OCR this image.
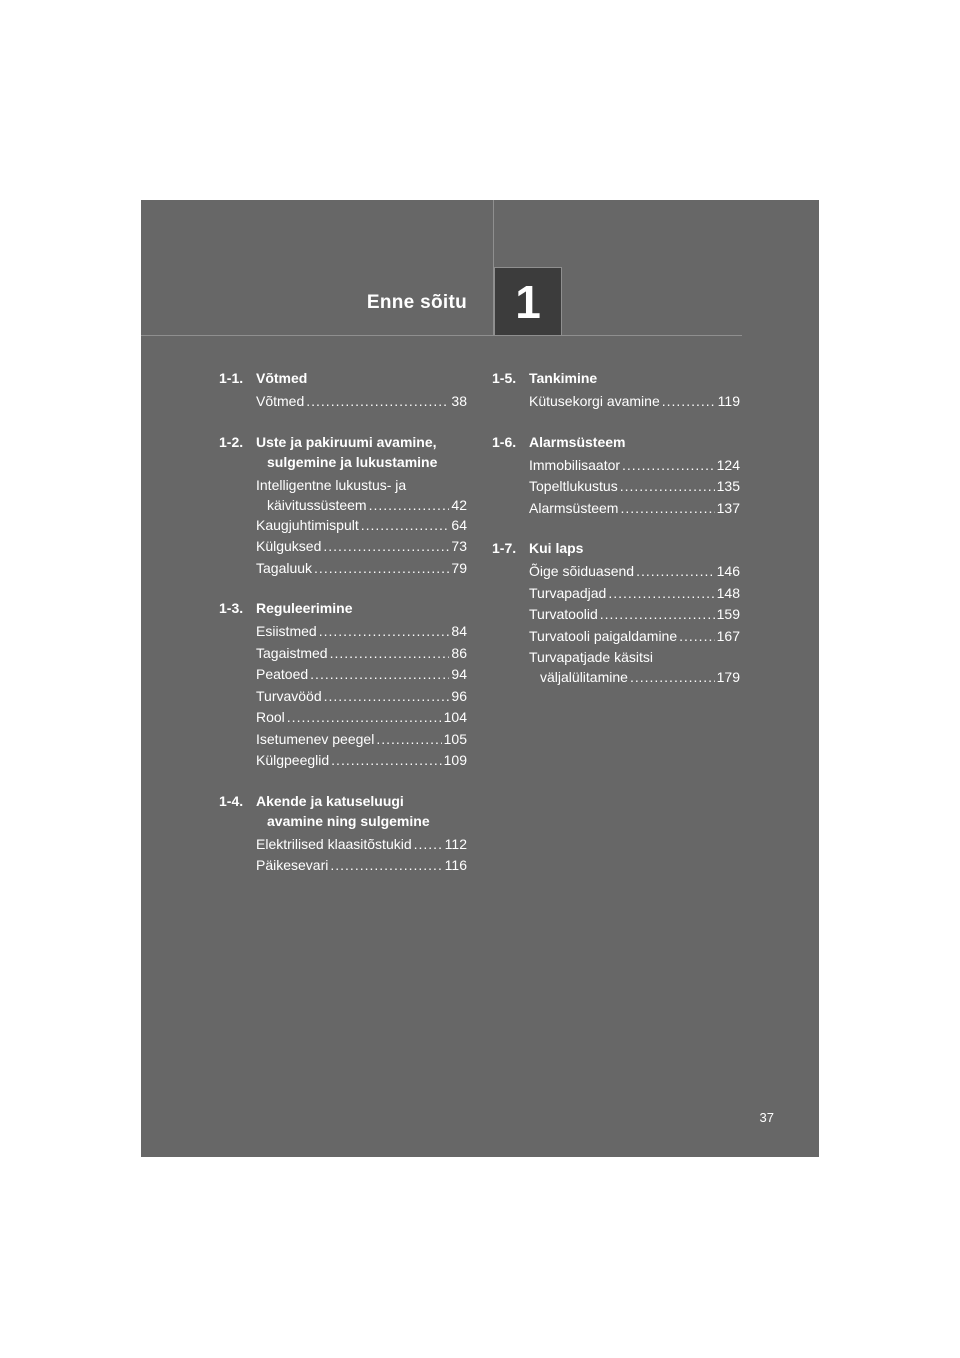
Enne sõitu 1
1-1. Võtmed
Võtmed .....	38
1-2. Uste ja pakiruumi avamine,
sulgemine ja lukustamine
Intelligentne lukustus- ja
käivitussüsteem .....	42
Kaugjuhtimispult .....	64
Külguksed .....	73
Tagaluuk .....	79
1-3. Reguleerimine
Esiistmed .....	84
Tagaistmed .....	86
Peatoed .....	94
Turvavööd .....	96
Rool .....	104
Isetumenev peegel .....	105
Külgpeeglid .....	109
1-4. Akende ja katuseluugi
avamine ning sulgemine
Elektrilised klaasitõstukid ..... 112
Päikesevari .....	116
1-5. Tankimine
Kütusekorgi avamine .....	119
1-6. Alarmsüsteem
Immobilisaator .....	124
Topeltlukustus .....	135
Alarmsüsteem .....	137
1-7. Kui laps
Õige sõiduasend .....	146
Turvapadjad .....	148
Turvatoolid .....	159
Turvatooli paigaldamine .....	167
Turvapatjade käsitsi
väljalülitamine .....	179
37
